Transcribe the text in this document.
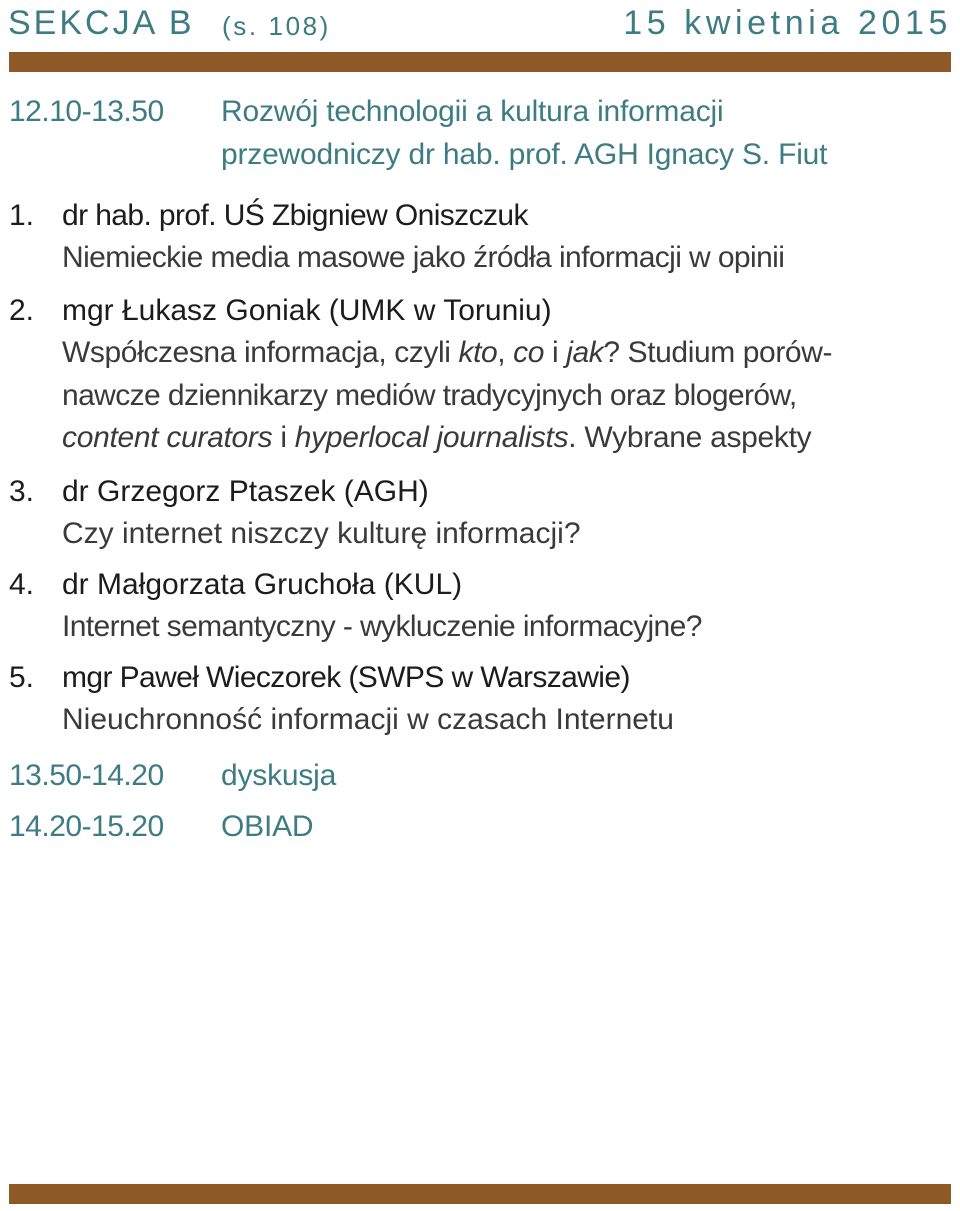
SEKCJA B (s. 108)	15 kwietnia 2015
12.10-13.50 Rozwój technologii a kultura informacji
przewodniczy dr hab. prof. AGH Ignacy S. Fiut
1. dr hab. prof. UŚ Zbigniew Oniszczuk
Niemieckie media masowe jako źródła informacji w opinii
2. mgr Łukasz Goniak (UMK w Toruniu)
Współczesna informacja, czyli kto, co i jak? Studium porów-
nawcze dziennikarzy mediów tradycyjnych oraz blogerów,
content curators i hyperlocal journalists. Wybrane aspekty
3. dr Grzegorz Ptaszek (AGH)
Czy internet niszczy kulturę informacji?
4. dr Małgorzata Gruchoła (KUL)
Internet semantyczny - wykluczenie informacyjne?
5. mgr Paweł Wieczorek (SWPS w Warszawie)
Nieuchronność informacji w czasach Internetu
13.50-14.20 dyskusja
14.20-15.20 OBIAD
